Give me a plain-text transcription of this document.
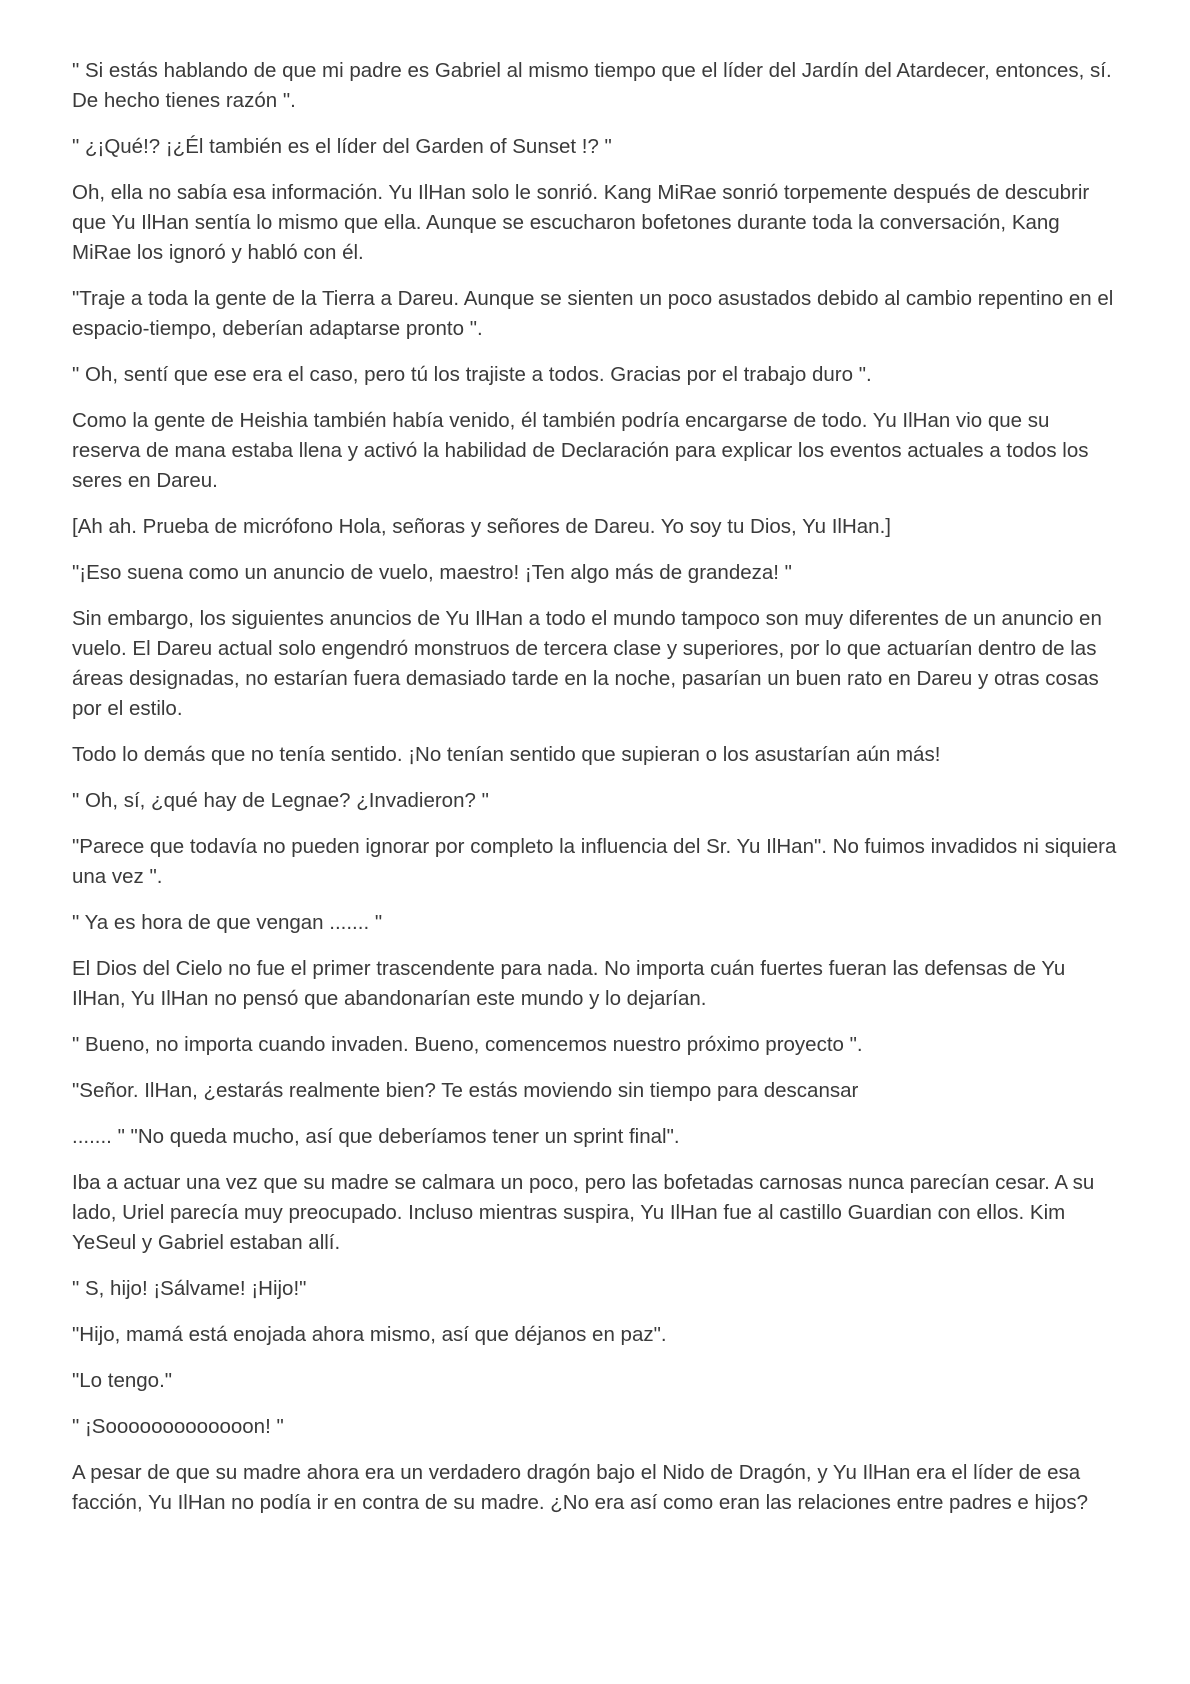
" Si estás hablando de que mi padre es Gabriel al mismo tiempo que el líder del Jardín del Atardecer, entonces, sí. De hecho tienes razón ".

" ¿¡Qué!? ¡¿Él también es el líder del Garden of Sunset !? "

Oh, ella no sabía esa información. Yu IlHan solo le sonrió. Kang MiRae sonrió torpemente después de descubrir que Yu IlHan sentía lo mismo que ella. Aunque se escucharon bofetones durante toda la conversación, Kang MiRae los ignoró y habló con él.

"Traje a toda la gente de la Tierra a Dareu. Aunque se sienten un poco asustados debido al cambio repentino en el espacio-tiempo, deberían adaptarse pronto ".

" Oh, sentí que ese era el caso, pero tú los trajiste a todos. Gracias por el trabajo duro ".

Como la gente de Heishia también había venido, él también podría encargarse de todo. Yu IlHan vio que su reserva de mana estaba llena y activó la habilidad de Declaración para explicar los eventos actuales a todos los seres en Dareu.

[Ah ah. Prueba de micrófono Hola, señoras y señores de Dareu. Yo soy tu Dios, Yu IlHan.]

"¡Eso suena como un anuncio de vuelo, maestro! ¡Ten algo más de grandeza! "

Sin embargo, los siguientes anuncios de Yu IlHan a todo el mundo tampoco son muy diferentes de un anuncio en vuelo. El Dareu actual solo engendró monstruos de tercera clase y superiores, por lo que actuarían dentro de las áreas designadas, no estarían fuera demasiado tarde en la noche, pasarían un buen rato en Dareu y otras cosas por el estilo.

Todo lo demás que no tenía sentido. ¡No tenían sentido que supieran o los asustarían aún más!

" Oh, sí, ¿qué hay de Legnae? ¿Invadieron? "

"Parece que todavía no pueden ignorar por completo la influencia del Sr. Yu IlHan". No fuimos invadidos ni siquiera una vez ".

" Ya es hora de que vengan ....... "

El Dios del Cielo no fue el primer trascendente para nada. No importa cuán fuertes fueran las defensas de Yu IlHan, Yu IlHan no pensó que abandonarían este mundo y lo dejarían.

" Bueno, no importa cuando invaden. Bueno, comencemos nuestro próximo proyecto ".

"Señor. IlHan, ¿estarás realmente bien? Te estás moviendo sin tiempo para descansar

....... " "No queda mucho, así que deberíamos tener un sprint final".

Iba a actuar una vez que su madre se calmara un poco, pero las bofetadas carnosas nunca parecían cesar. A su lado, Uriel parecía muy preocupado. Incluso mientras suspira, Yu IlHan fue al castillo Guardian con ellos. Kim YeSeul y Gabriel estaban allí.

" S, hijo! ¡Sálvame! ¡Hijo!"

"Hijo, mamá está enojada ahora mismo, así que déjanos en paz".

"Lo tengo."

" ¡Sooooooooooooon! "

A pesar de que su madre ahora era un verdadero dragón bajo el Nido de Dragón, y Yu IlHan era el líder de esa facción, Yu IlHan no podía ir en contra de su madre. ¿No era así como eran las relaciones entre padres e hijos?
